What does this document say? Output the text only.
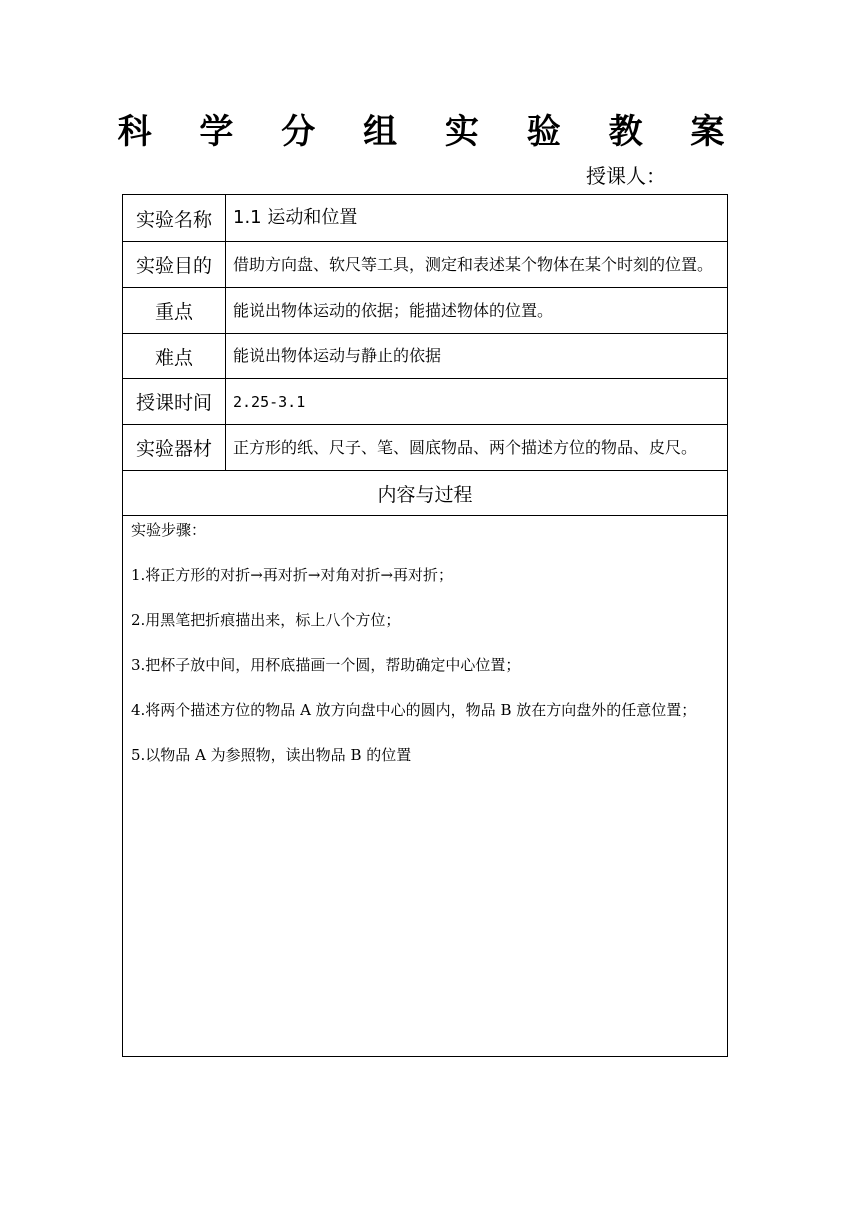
科 学 分 组 实 验 教 案
授课人：
实验名称	1.1 运动和位置
实验目的	借助方向盘、软尺等工具，测定和表述某个物体在某个时刻的位置。
重点	能说出物体运动的依据；能描述物体的位置。
难点	能说出物体运动与静止的依据
授课时间	2.25-3.1
实验器材	正方形的纸、尺子、笔、圆底物品、两个描述方位的物品、皮尺。
内容与过程

实验步骤：

1.将正方形的对折→再对折→对角对折→再对折；

2.用黑笔把折痕描出来，标上八个方位；

3.把杯子放中间，用杯底描画一个圆，帮助确定中心位置；

4.将两个描述方位的物品 A 放方向盘中心的圆内，物品 B 放在方向盘外的任意位置；

5.以物品 A 为参照物，读出物品 B 的位置
